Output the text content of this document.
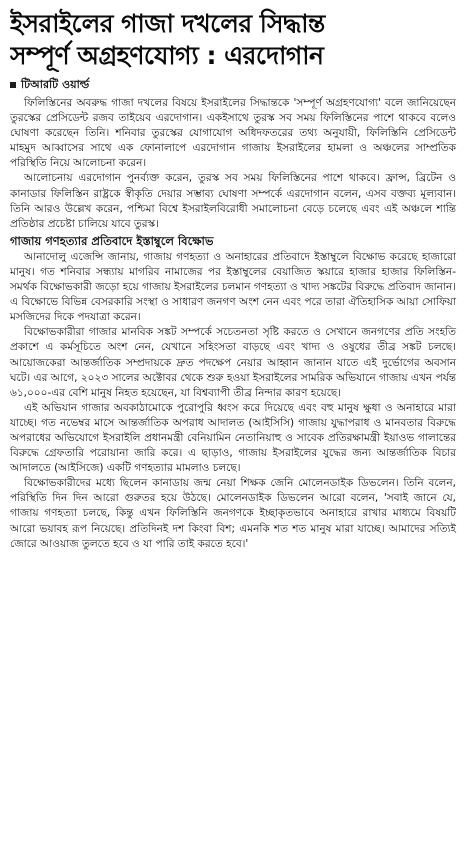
ইসরাইলের গাজা দখলের সিদ্ধান্ত
সম্পূর্ণ অগ্রহণযোগ্য : এরদোগান
টিআরটি ওয়ার্ল্ড

ফিলিস্তিনের অবরুদ্ধ গাজা দখলের বিষয়ে ইসরাইলের সিদ্ধান্তকে 'সম্পূর্ণ অগ্রহণযোগ্য' বলে জানিয়েছেন তুরস্কের প্রেসিডেন্ট রজব তাইয়েব এরদোগান। একইসাথে তুরস্ক সব সময় ফিলিস্তিনের পাশে থাকবে বলেও ঘোষণা করেছেন তিনি। শনিবার তুরস্কের যোগাযোগ অধিদফতরের তথ্য অনুযায়ী, ফিলিস্তিনি প্রেসিডেন্ট মাহমুদ আব্বাসের সাথে এক ফোনালাপে এরদোগান গাজায় ইসরাইলের হামলা ও অঞ্চলের সাম্প্রতিক পরিস্থিতি নিয়ে আলোচনা করেন।

আলোচনায় এরদোগান পুনর্ব্যক্ত করেন, তুরস্ক সব সময় ফিলিস্তিনের পাশে থাকবে। ফ্রান্স, ব্রিটেন ও কানাডার ফিলিস্তিন রাষ্ট্রকে স্বীকৃতি দেয়ার সম্ভাব্য ঘোষণা সম্পর্কে এরদোগান বলেন, এসব বক্তব্য মূল্যবান। তিনি আরও উল্লেখ করেন, পশ্চিমা বিশ্বে ইসরাইলবিরোধী সমালোচনা বেড়ে চলেছে এবং এই অঞ্চলে শান্তি প্রতিষ্ঠার প্রচেষ্টা চালিয়ে যাবে তুরস্ক।

গাজায় গণহত্যার প্রতিবাদে ইস্তাম্বুলে বিক্ষোভ

আনাদোলু এজেন্সি জানায়, গাজায় গণহত্যা ও অনাহারের প্রতিবাদে ইস্তাম্বুলে বিক্ষোভ করেছে হাজারো মানুষ। গত শনিবার সন্ধ্যায় মাগরিব নামাজের পর ইস্তাম্বুলের বেয়াজিত স্কয়ারে হাজার হাজার ফিলিস্তিন-সমর্থক বিক্ষোভকারী জড়ো হয়ে গাজায় ইসরাইলের চলমান গণহত্যা ও খাদ্য সঙ্কটের বিরুদ্ধে প্রতিবাদ জানান। এ বিক্ষোভে বিভিন্ন বেসরকারি সংস্থা ও সাধারণ জনগণ অংশ নেন এবং পরে তারা ঐতিহাসিক আয়া সোফিয়া মসজিদের দিকে পদযাত্রা করেন।

বিক্ষোভকারীরা গাজার মানবিক সঙ্কট সম্পর্কে সচেতনতা সৃষ্টি করতে ও সেখানে জনগণের প্রতি সংহতি প্রকাশে এ কর্মসূচিতে অংশ নেন, যেখানে সহিংসতা বাড়ছে এবং খাদ্য ও ওষুধের তীব্র সঙ্কট চলছে। আয়োজকেরা আন্তর্জাতিক সম্প্রদায়কে দ্রুত পদক্ষেপ নেয়ার আহ্বান জানান যাতে এই দুর্ভোগের অবসান ঘটে। এর আগে, ২০২৩ সালের অক্টোবর থেকে শুরু হওয়া ইসরাইলের সামরিক অভিযানে গাজায় এখন পর্যন্ত ৬১,০০০-এর বেশি মানুষ নিহত হয়েছেন, যা বিশ্বব্যাপী তীব্র নিন্দার কারণ হয়েছে।

এই অভিযান গাজার অবকাঠামোকে পুরোপুরি ধ্বংস করে দিয়েছে এবং বহু মানুষ ক্ষুধা ও অনাহারে মারা যাচ্ছে। গত নভেম্বর মাসে আন্তর্জাতিক অপরাধ আদালত (আইসিসি) গাজায় যুদ্ধাপরাধ ও মানবতার বিরুদ্ধে অপরাধের অভিযোগে ইসরাইলি প্রধানমন্ত্রী বেনিয়ামিন নেতানিয়াহু ও সাবেক প্রতিরক্ষামন্ত্রী ইয়াওভ গালান্তের বিরুদ্ধে গ্রেফতারি পরোয়ানা জারি করে। এ ছাড়াও, গাজায় ইসরাইলের যুদ্ধের জন্য আন্তর্জাতিক বিচার আদালতে (আইসিজে) একটি গণহত্যার মামলাও চলছে।

বিক্ষোভকারীদের মধ্যে ছিলেন কানাডায় জন্ম নেয়া শিক্ষক জেনি মোলেনডাইক ডিভলেন। তিনি বলেন, পরিস্থিতি দিন দিন আরো গুরুতর হয়ে উঠছে। মোলেনডাইক ডিভলেন আরো বলেন, 'সবাই জানে যে, গাজায় গণহত্যা চলছে, কিন্তু এখন ফিলিস্তিনি জনগণকে ইচ্ছাকৃতভাবে অনাহারে রাখার মাধ্যমে বিষয়টি আরো ভয়াবহ রূপ নিয়েছে। প্রতিদিনই দশ কিংবা বিশ; এমনকি শত শত মানুষ মারা যাচ্ছে। আমাদের সত্যিই জোরে আওয়াজ তুলতে হবে ও যা পারি তাই করতে হবে।'
